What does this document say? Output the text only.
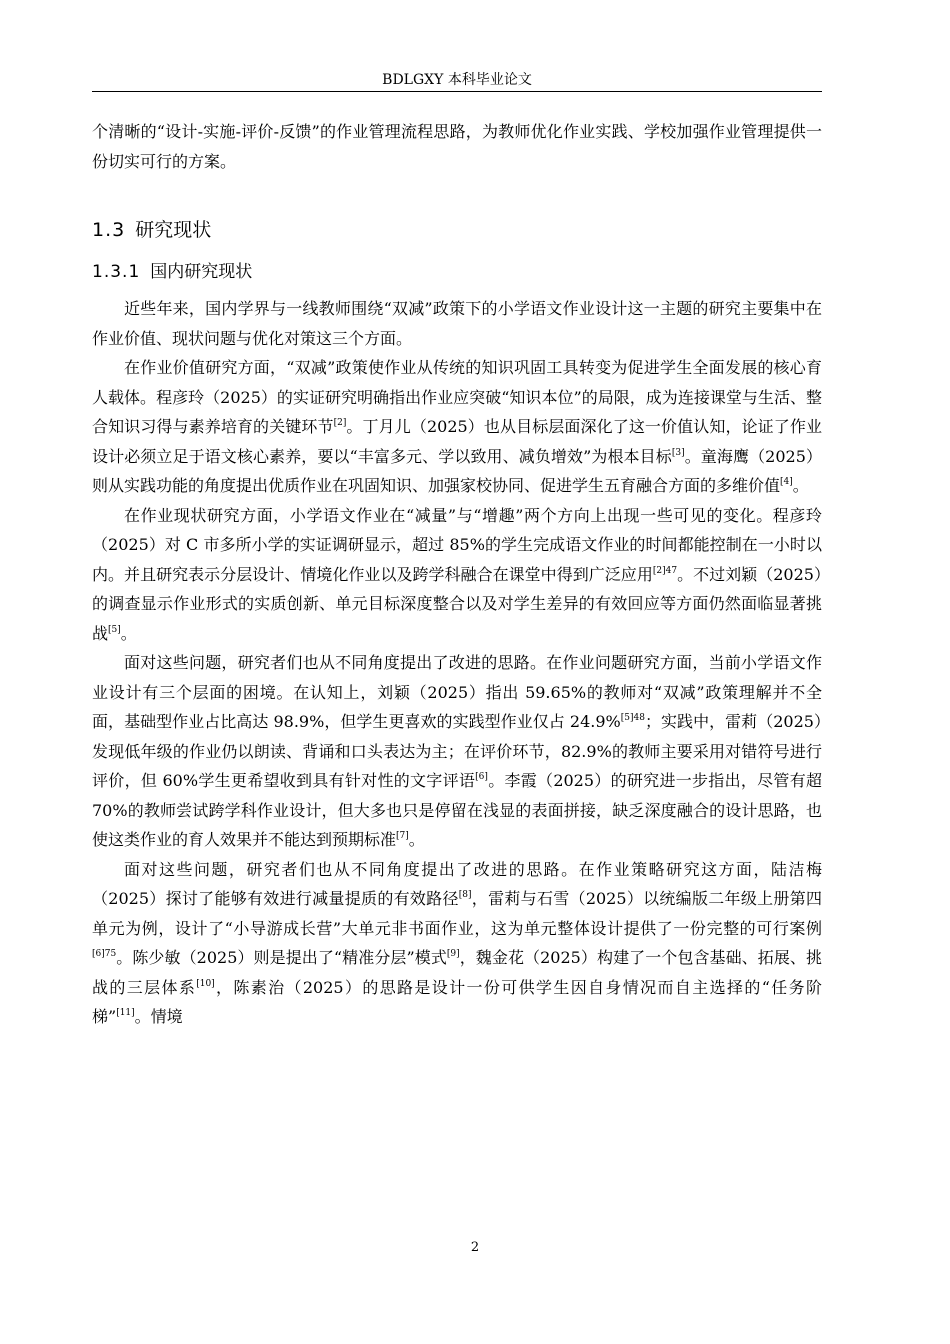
BDLGXY 本科毕业论文

个清晰的“设计-实施-评价-反馈”的作业管理流程思路，为教师优化作业实践、学校加强作业管理提供一份切实可行的方案。

1.3 研究现状
1.3.1 国内研究现状

近些年来，国内学界与一线教师围绕“双减”政策下的小学语文作业设计这一主题的研究主要集中在作业价值、现状问题与优化对策这三个方面。

在作业价值研究方面，“双减”政策使作业从传统的知识巩固工具转变为促进学生全面发展的核心育人载体。程彦玲（2025）的实证研究明确指出作业应突破“知识本位”的局限，成为连接课堂与生活、整合知识习得与素养培育的关键环节[2]。丁月儿（2025）也从目标层面深化了这一价值认知，论证了作业设计必须立足于语文核心素养，要以“丰富多元、学以致用、减负增效”为根本目标[3]。童海鹰（2025）则从实践功能的角度提出优质作业在巩固知识、加强家校协同、促进学生五育融合方面的多维价值[4]。

在作业现状研究方面，小学语文作业在“减量”与“增趣”两个方向上出现一些可见的变化。程彦玲（2025）对 C 市多所小学的实证调研显示，超过 85%的学生完成语文作业的时间都能控制在一小时以内。并且研究表示分层设计、情境化作业以及跨学科融合在课堂中得到广泛应用$^{[2]47}$。不过刘颖（2025）的调查显示作业形式的实质创新、单元目标深度整合以及对学生差异的有效回应等方面仍然面临显著挑战[5]。

面对这些问题，研究者们也从不同角度提出了改进的思路。在作业问题研究方面，当前小学语文作业设计有三个层面的困境。在认知上，刘颖（2025）指出 59.65%的教师对“双减”政策理解并不全面，基础型作业占比高达 98.9%，但学生更喜欢的实践型作业仅占 24.9%$^{[5]48}$；实践中，雷莉（2025）发现低年级的作业仍以朗读、背诵和口头表达为主；在评价环节，82.9%的教师主要采用对错符号进行评价，但 60%学生更希望收到具有针对性的文字评语[6]。李霞（2025）的研究进一步指出，尽管有超 70%的教师尝试跨学科作业设计，但大多也只是停留在浅显的表面拼接，缺乏深度融合的设计思路，也使这类作业的育人效果并不能达到预期标准[7]。

面对这些问题，研究者们也从不同角度提出了改进的思路。在作业策略研究这方面，陆洁梅（2025）探讨了能够有效进行减量提质的有效路径[8]，雷莉与石雪（2025）以统编版二年级上册第四单元为例，设计了“小导游成长营”大单元非书面作业，这为单元整体设计提供了一份完整的可行案例$^{[6]75}$。陈少敏（2025）则是提出了“精准分层”模式[9]，魏金花（2025）构建了一个包含基础、拓展、挑战的三层体系[10]，陈素治（2025）的思路是设计一份可供学生因自身情况而自主选择的“任务阶梯”[11]。情境

2
